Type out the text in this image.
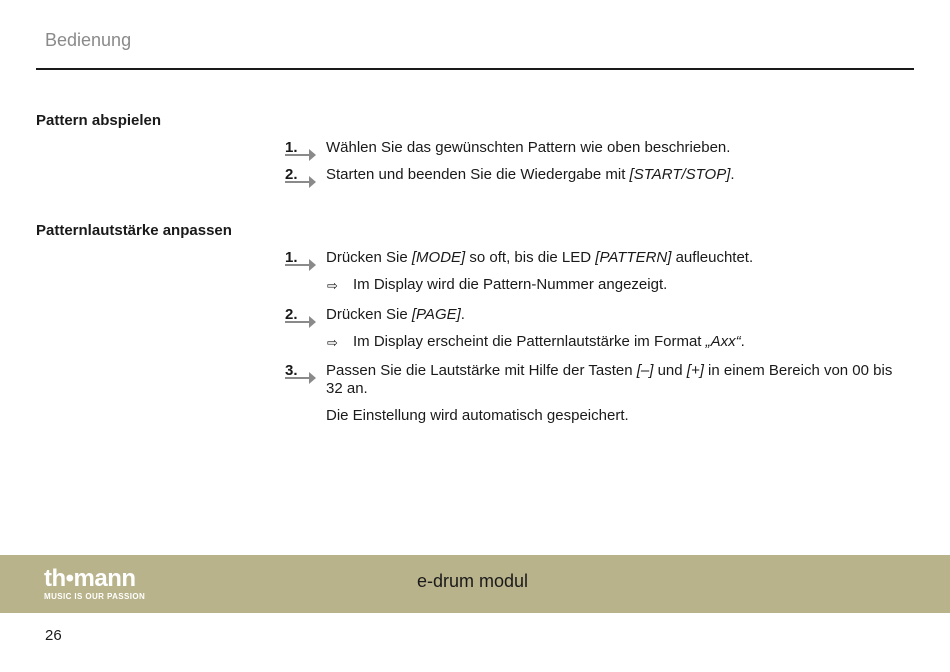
Bedienung
Pattern abspielen
1. Wählen Sie das gewünschten Pattern wie oben beschrieben.
2. Starten und beenden Sie die Wiedergabe mit [START/STOP].
Patternlautstärke anpassen
1. Drücken Sie [MODE] so oft, bis die LED [PATTERN] aufleuchtet.
⇨ Im Display wird die Pattern-Nummer angezeigt.
2. Drücken Sie [PAGE].
⇨ Im Display erscheint die Patternlautstärke im Format „Axx“.
3. Passen Sie die Lautstärke mit Hilfe der Tasten [–] und [+] in einem Bereich von 00 bis 32 an.
Die Einstellung wird automatisch gespeichert.
th•mann
MUSIC IS OUR PASSION
e-drum modul
26
